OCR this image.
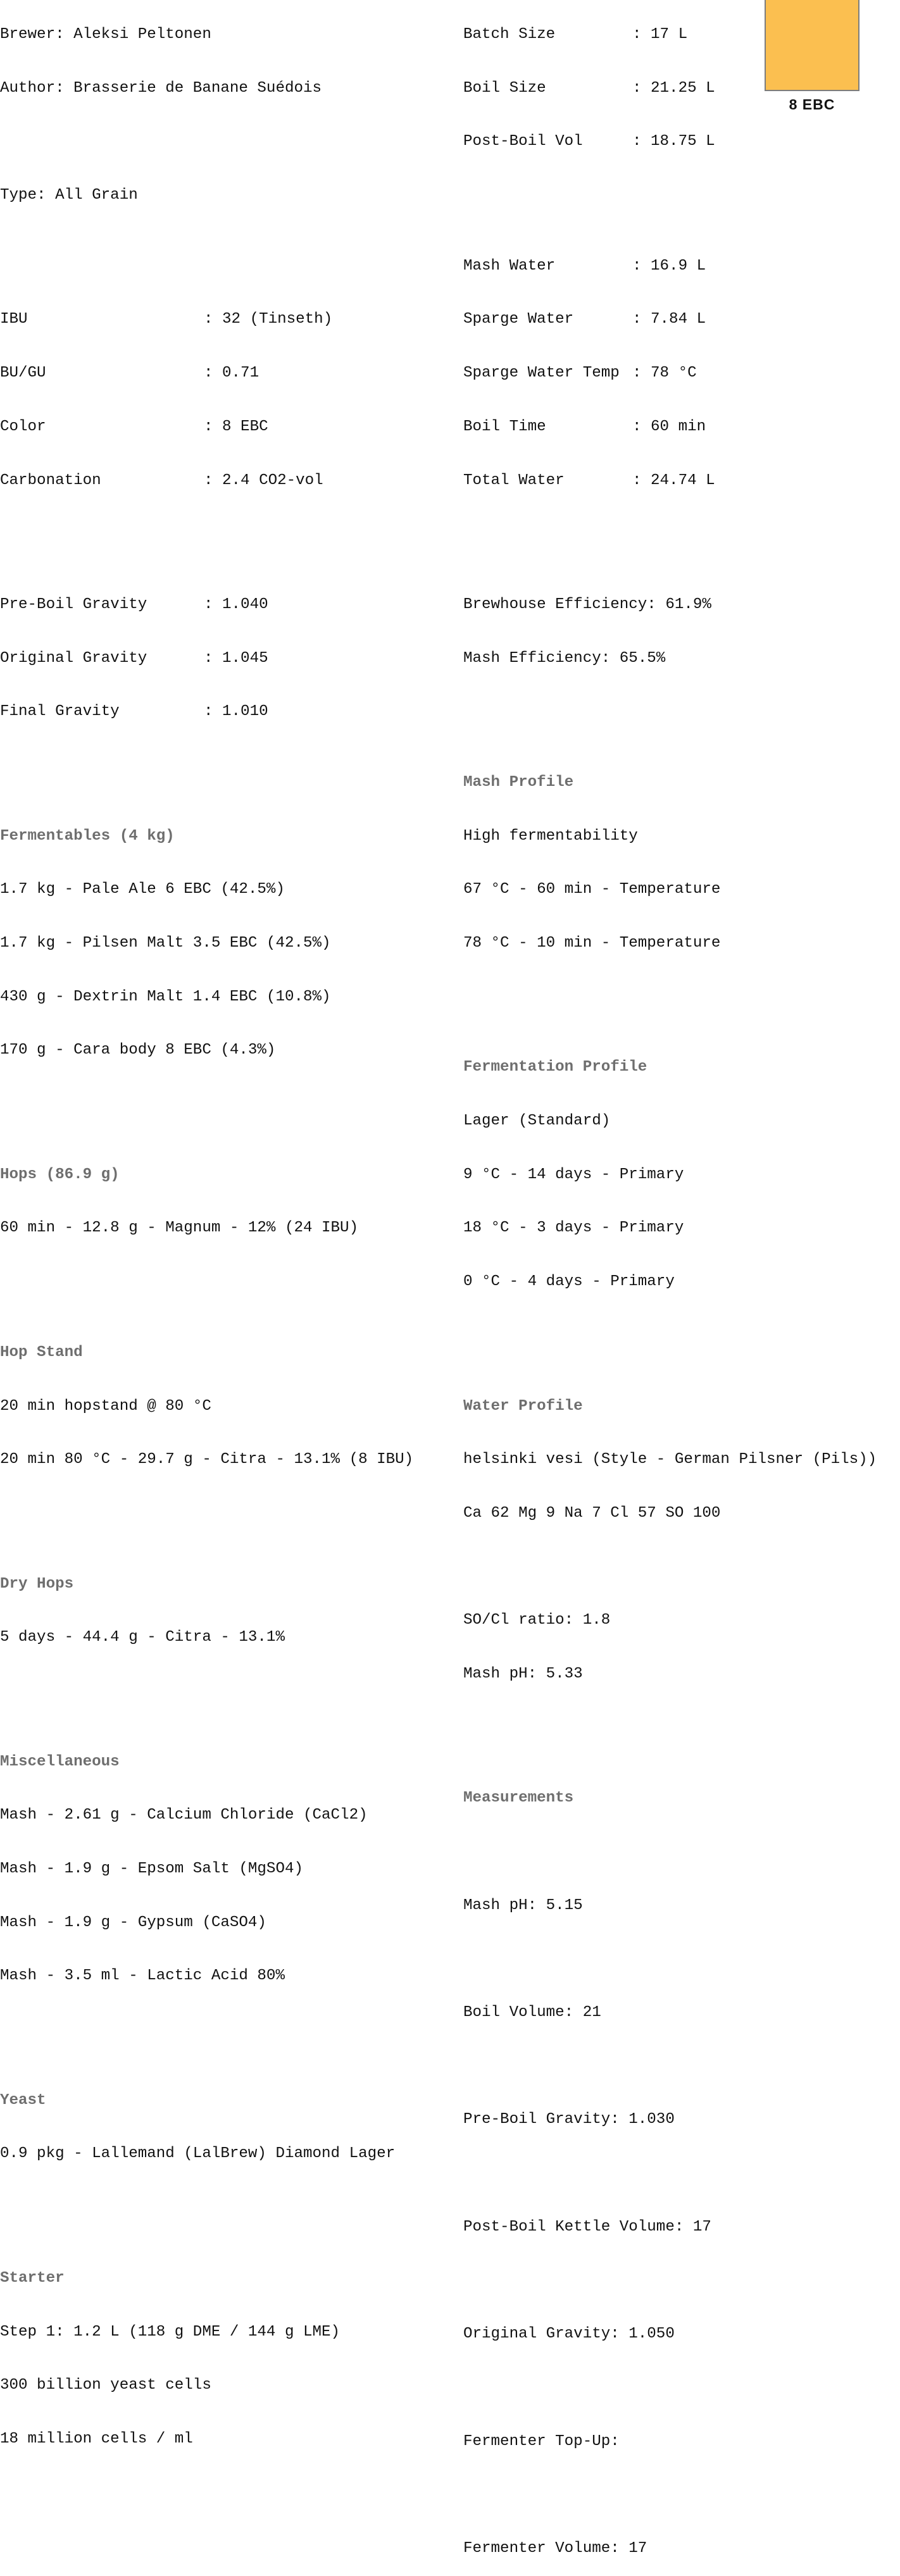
Brewer: Aleksi Peltonen

Author: Brasserie de Banane Suédois

Type: All Grain

IBU	: 32 (Tinseth)

BU/GU	: 0.71

Color	: 8 EBC

Carbonation	: 2.4 CO2-vol

Pre-Boil Gravity	: 1.040

Original Gravity	: 1.045

Final Gravity	: 1.010

Fermentables (4 kg)

1.7 kg - Pale Ale 6 EBC (42.5%)

1.7 kg - Pilsen Malt 3.5 EBC (42.5%)

430 g - Dextrin Malt 1.4 EBC (10.8%)

170 g - Cara body 8 EBC (4.3%)

Hops (86.9 g)

60 min - 12.8 g - Magnum - 12% (24 IBU)

Hop Stand

20 min hopstand @ 80 °C

20 min 80 °C - 29.7 g - Citra - 13.1% (8 IBU)

Dry Hops

5 days - 44.4 g - Citra - 13.1%

Miscellaneous

Mash - 2.61 g - Calcium Chloride (CaCl2)

Mash - 1.9 g - Epsom Salt (MgSO4)

Mash - 1.9 g - Gypsum (CaSO4)

Mash - 3.5 ml - Lactic Acid 80%

Yeast

0.9 pkg - Lallemand (LalBrew) Diamond Lager

Starter

Step 1: 1.2 L (118 g DME / 144 g LME)

300 billion yeast cells

18 million cells / ml

Batch Size	: 17 L

Boil Size	: 21.25 L

Post-Boil Vol	: 18.75 L

Mash Water	: 16.9 L

Sparge Water	: 7.84 L

Sparge Water Temp : 78 °C

Boil Time	: 60 min

Total Water	: 24.74 L

Brewhouse Efficiency: 61.9%

Mash Efficiency: 65.5%

Mash Profile

High fermentability

67 °C - 60 min - Temperature

78 °C - 10 min - Temperature

Fermentation Profile

Lager (Standard)

9 °C - 14 days - Primary

18 °C - 3 days - Primary

0 °C - 4 days - Primary

Water Profile

helsinki vesi (Style - German Pilsner (Pils))

Ca 62 Mg 9 Na 7 Cl 57 SO 100

SO/Cl ratio: 1.8

Mash pH: 5.33

Measurements

Mash pH: 5.15

Boil Volume: 21

Pre-Boil Gravity: 1.030

Post-Boil Kettle Volume: 17

Original Gravity: 1.050

Fermenter Top-Up:

Fermenter Volume: 17

8 EBC
